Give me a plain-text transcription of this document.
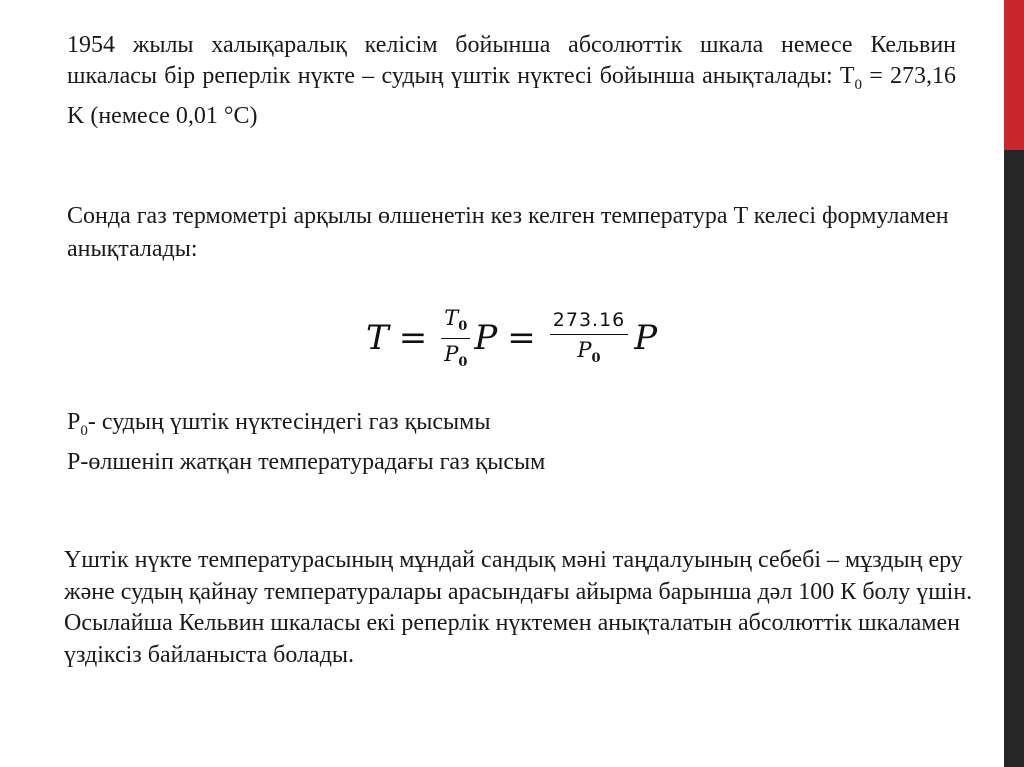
1954 жылы халықаралық келісім бойынша абсолюттік шкала немесе Кельвин шкаласы бір реперлік нүкте – судың үштік нүктесі бойынша анықталады: $T_0 = 273,16$ K (немесе 0,01 °C)

Сонда газ термометрі арқылы өлшенетін кез келген температура T келесі формуламен анықталады:

$T = \frac{T_0}{P_0}$ $P = \frac{273.16}{P_0}$ P
$P_0-$ судың үштік нүктесіндегі газ қысымы
P-өлшеніп жатқан температурадағы газ қысым
Үштік нүкте температурасының мұндай сандық мәні таңдалуының себебі – мұздың еру және судың қайнау температуралары арасындағы айырма барынша дәл 100 К болу үшін.
Осылайша Кельвин шкаласы екі реперлік нүктемен анықталатын абсолюттік шкаламен үздіксіз байланыста болады.
